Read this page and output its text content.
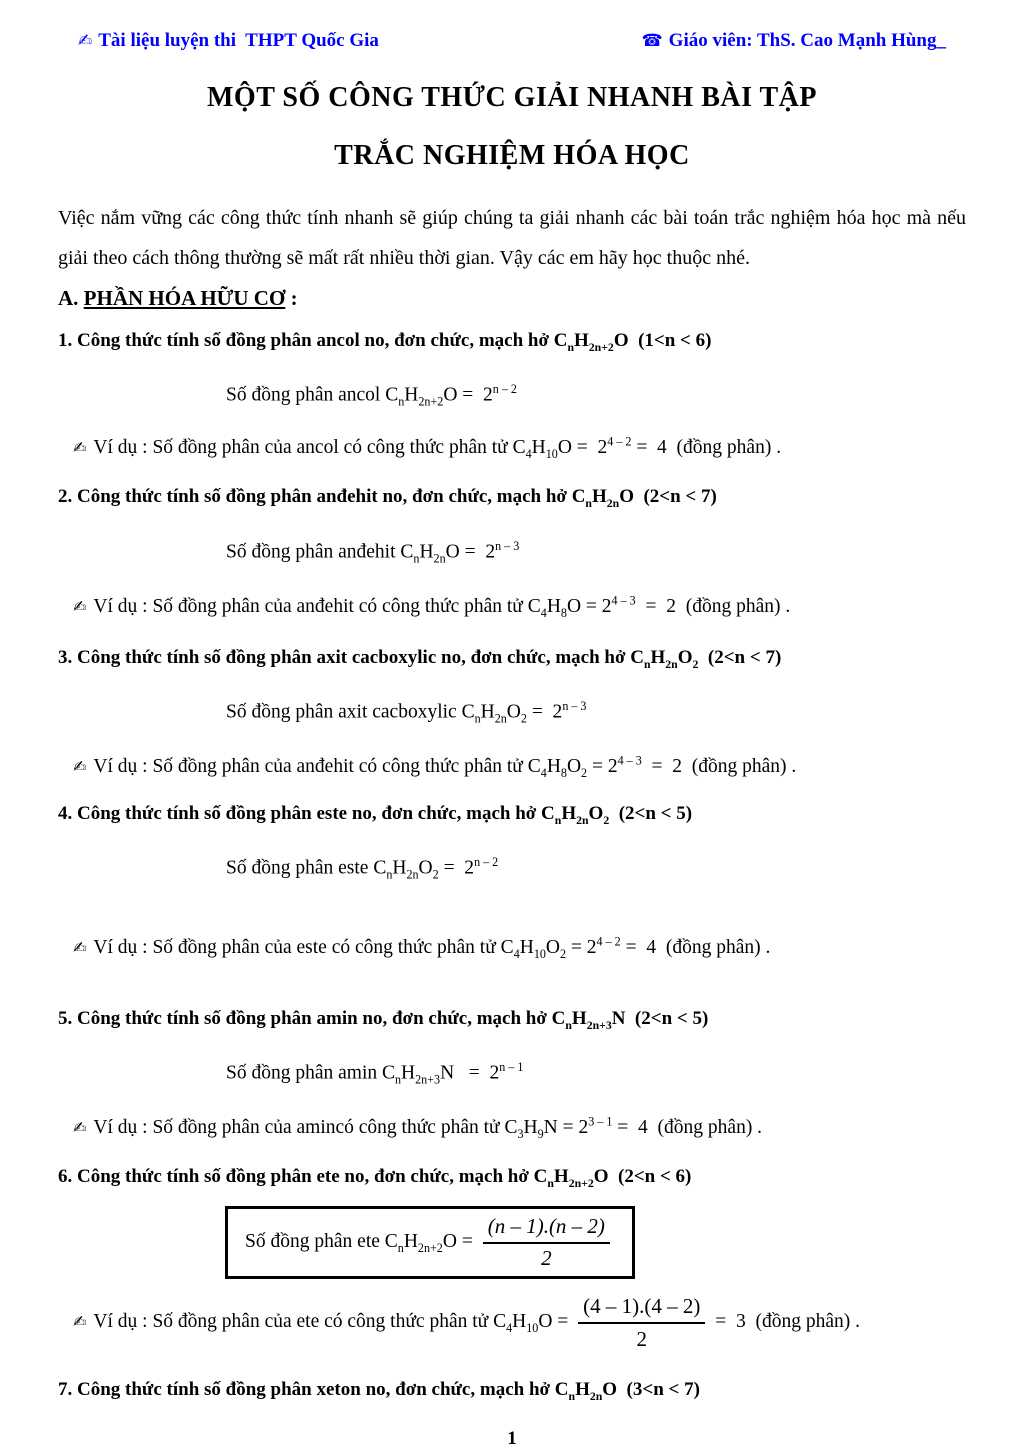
✍ Tài liệu luyện thi  THPT Quốc Gia	☎ Giáo viên: ThS. Cao Mạnh Hùng_
MỘT SỐ CÔNG THỨC GIẢI NHANH BÀI TẬP
TRẮC NGHIỆM HÓA HỌC
Việc nắm vững các công thức tính nhanh sẽ giúp chúng ta giải nhanh các bài toán trắc nghiệm hóa học mà nếu giải theo cách thông thường sẽ mất rất nhiều thời gian. Vậy các em hãy học thuộc nhé.
A. PHẦN HÓA HỮU CƠ :
1. Công thức tính số đồng phân ancol no, đơn chức, mạch hở $C_nH_{2n+2}O$  (1<n < 6)
Số đồng phân ancol $C_nH_{2n+2}O = 2^{n - 2}$
✍ Ví dụ : Số đồng phân của ancol có công thức phân tử $C_4H_{10}O = 2^{4 - 2} = 4$  (đồng phân) .
2. Công thức tính số đồng phân anđehit no, đơn chức, mạch hở $C_nH_{2n}O$  (2<n < 7)
Số đồng phân anđehit $C_nH_{2n}O = 2^{n - 3}$
✍ Ví dụ : Số đồng phân của anđehit có công thức phân tử $C_4H_8O = 2^{4 - 3} = 2$  (đồng phân) .
3. Công thức tính số đồng phân axit cacboxylic no, đơn chức, mạch hở $C_nH_{2n}O_2$  (2<n < 7)
Số đồng phân axit cacboxylic $C_nH_{2n}O_2 = 2^{n - 3}$
✍ Ví dụ : Số đồng phân của anđehit có công thức phân tử $C_4H_8O_2 = 2^{4 - 3} = 2$  (đồng phân) .
4. Công thức tính số đồng phân este no, đơn chức, mạch hở $C_nH_{2n}O_2$  (2<n < 5)
Số đồng phân este $C_nH_{2n}O_2 = 2^{n - 2}$
✍ Ví dụ : Số đồng phân của este có công thức phân tử $C_4H_{10}O_2 = 2^{4 - 2} = 4$  (đồng phân) .
5. Công thức tính số đồng phân amin no, đơn chức, mạch hở $C_nH_{2n+3}N$  (2<n < 5)
Số đồng phân amin $C_nH_{2n+3}N = 2^{n - 1}$
✍ Ví dụ : Số đồng phân của amincó công thức phân tử $C_3H_9N = 2^{3 - 1} = 4$  (đồng phân) .
6. Công thức tính số đồng phân ete no, đơn chức, mạch hở $C_nH_{2n+2}O$  (2<n < 6)
Số đồng phân ete $C_nH_{2n+2}O = \frac{(n - 1).(n - 2)}{2}$
✍ Ví dụ : Số đồng phân của ete có công thức phân tử $C_4H_{10}O = \frac{(4 - 1).(4 - 2)}{2} = 3$  (đồng phân) .
7. Công thức tính số đồng phân xeton no, đơn chức, mạch hở $C_nH_{2n}O$  (3<n < 7)
1
